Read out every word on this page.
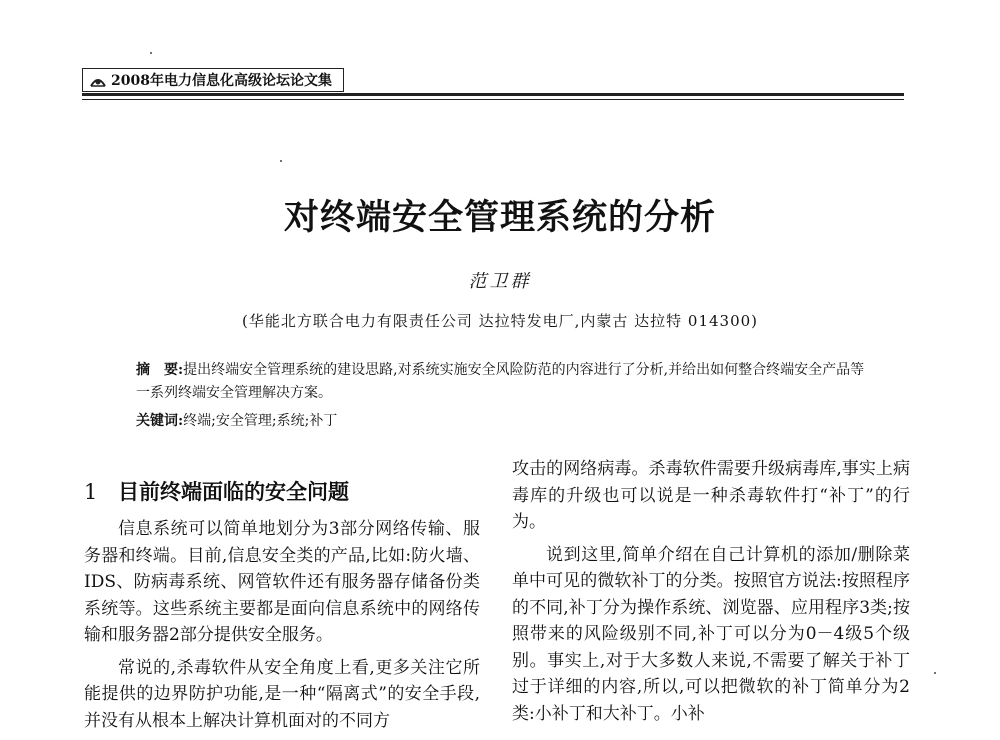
2008年电力信息化高级论坛论文集
对终端安全管理系统的分析
范卫群
(华能北方联合电力有限责任公司 达拉特发电厂,内蒙古 达拉特 014300)
摘　要:提出终端安全管理系统的建设思路,对系统实施安全风险防范的内容进行了分析,并给出如何整合终端安全产品等一系列终端安全管理解决方案。
关键词:终端;安全管理;系统;补丁
1 目前终端面临的安全问题

信息系统可以简单地划分为3部分网络传输、服务器和终端。目前,信息安全类的产品,比如:防火墙、IDS、防病毒系统、网管软件还有服务器存储备份类系统等。这些系统主要都是面向信息系统中的网络传输和服务器2部分提供安全服务。

常说的,杀毒软件从安全角度上看,更多关注它所能提供的边界防护功能,是一种“隔离式”的安全手段,并没有从根本上解决计算机面对的不同方

攻击的网络病毒。杀毒软件需要升级病毒库,事实上病毒库的升级也可以说是一种杀毒软件打“补丁”的行为。

说到这里,简单介绍在自己计算机的添加/删除菜单中可见的微软补丁的分类。按照官方说法:按照程序的不同,补丁分为操作系统、浏览器、应用程序3类;按照带来的风险级别不同,补丁可以分为0－4级5个级别。事实上,对于大多数人来说,不需要了解关于补丁过于详细的内容,所以,可以把微软的补丁简单分为2类:小补丁和大补丁。小补
